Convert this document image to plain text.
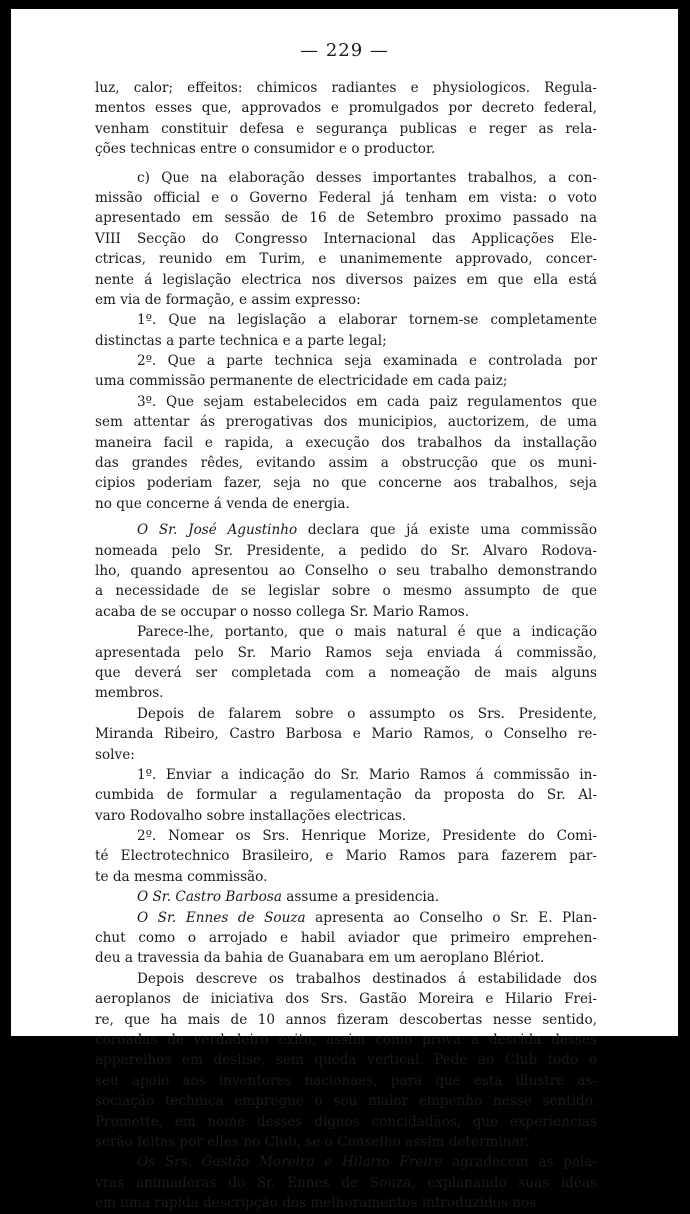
— 229 —
luz, calor; effeitos: chimicos radiantes e physiologicos. Regula-
mentos esses que, approvados e promulgados por decreto federal,
venham constituir defesa e segurança publicas e reger as rela-
ções technicas entre o consumidor e o productor.
c) Que na elaboração desses importantes trabalhos, a con-
missão official e o Governo Federal já tenham em vista: o voto
apresentado em sessão de 16 de Setembro proximo passado na
VIII Secção do Congresso Internacional das Applicações Ele-
ctricas, reunido em Turim, e unanimemente approvado, concer-
nente á legislação electrica nos diversos paizes em que ella está
em via de formação, e assim expresso:
1º. Que na legislação a elaborar tornem-se completamente
distinctas a parte technica e a parte legal;
2º. Que a parte technica seja examinada e controlada por
uma commissão permanente de electricidade em cada paiz;
3º. Que sejam estabelecidos em cada paiz regulamentos que
sem attentar ás prerogativas dos municipios, auctorizem, de uma
maneira facil e rapida, a execução dos trabalhos da installação
das grandes rêdes, evitando assim a obstrucção que os muni-
cipios poderiam fazer, seja no que concerne aos trabalhos, seja
no que concerne á venda de energia.
O Sr. José Agustinho declara que já existe uma commissão
nomeada pelo Sr. Presidente, a pedido do Sr. Alvaro Rodova-
lho, quando apresentou ao Conselho o seu trabalho demonstrando
a necessidade de se legislar sobre o mesmo assumpto de que
acaba de se occupar o nosso collega Sr. Mario Ramos.
Parece-lhe, portanto, que o mais natural é que a indicação
apresentada pelo Sr. Mario Ramos seja enviada á commissão,
que deverá ser completada com a nomeação de mais alguns
membros.
Depois de falarem sobre o assumpto os Srs. Presidente,
Miranda Ribeiro, Castro Barbosa e Mario Ramos, o Conselho re-
solve:
1º. Enviar a indicação do Sr. Mario Ramos á commissão in-
cumbida de formular a regulamentação da proposta do Sr. Al-
varo Rodovalho sobre installações electricas.
2º. Nomear os Srs. Henrique Morize, Presidente do Comi-
té Electrotechnico Brasileiro, e Mario Ramos para fazerem par-
te da mesma commissão.
O Sr. Castro Barbosa assume a presidencia.
O Sr. Ennes de Souza apresenta ao Conselho o Sr. E. Plan-
chut como o arrojado e habil aviador que primeiro emprehen-
deu a travessia da bahia de Guanabara em um aeroplano Blériot.
Depois descreve os trabalhos destinados á estabilidade dos
aeroplanos de iniciativa dos Srs. Gastão Moreira e Hilario Frei-
re, que ha mais de 10 annos fizeram descobertas nesse sentido,
coroadas de verdadeiro exito, assim como prova a descida desses
apparelhos em deslise, sem quéda vertical. Pede ao Club todo o
seu apoio aos inventores nacionaes, para que esta illustre as-
sociação technica empregue o seu maior empenho nesse sentido.
Promette, em nome desses dignos concidadãos, que experiencias
serão feitas por elles no Club, se o Conselho assim determinar.
Os Srs. Gastão Moreira e Hilario Freire agradecem as pala-
vras animadoras do Sr. Ennes de Souza, explanando suas idéas
em uma rapida descripção dos melhoramentos introduzidos nos
